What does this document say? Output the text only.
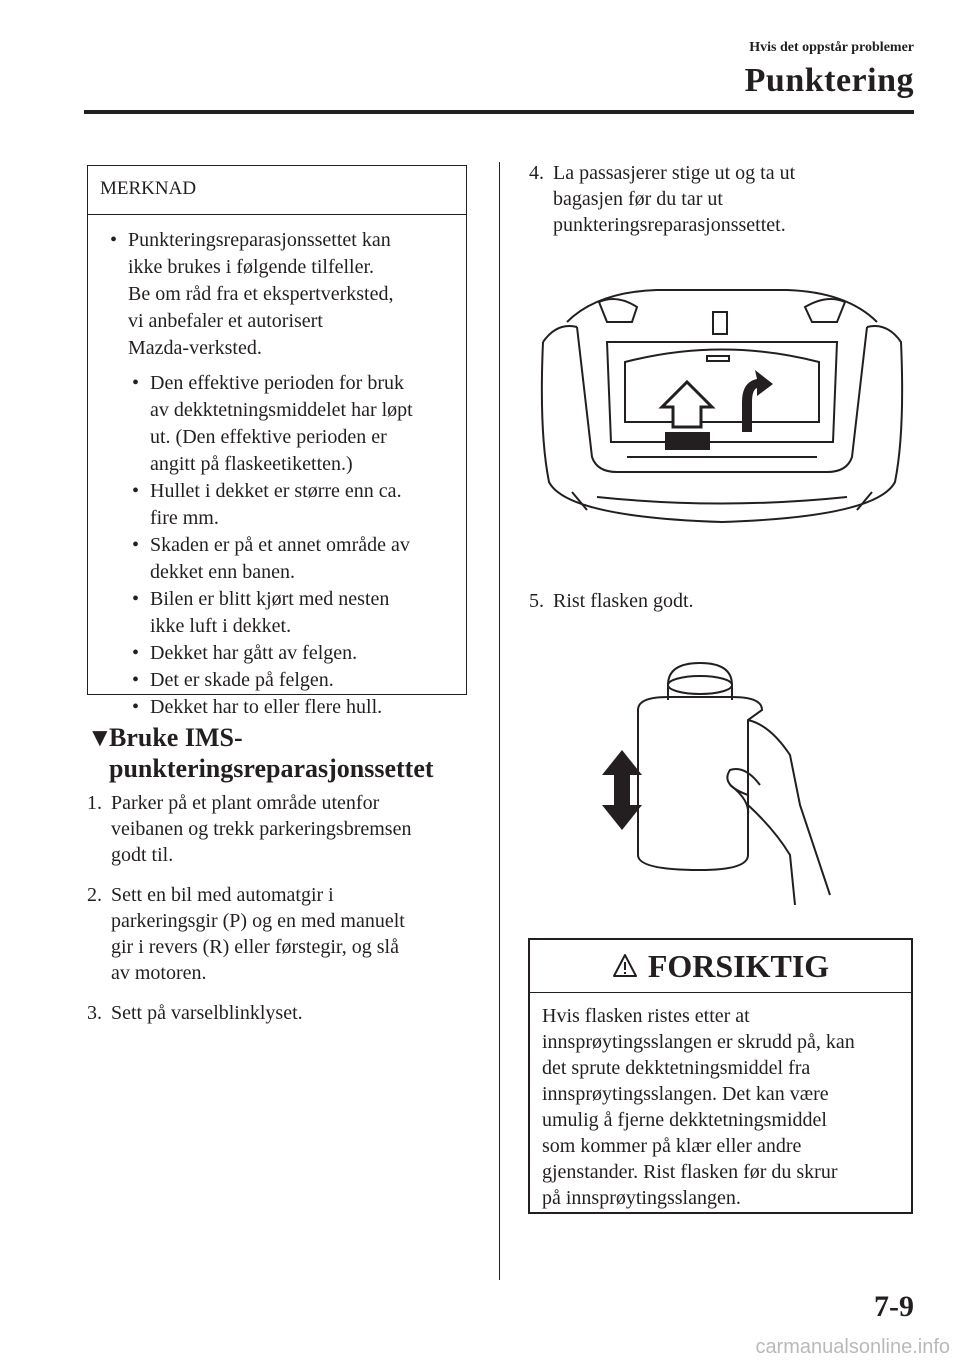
Hvis det oppstår problemer
Punktering
MERKNAD
• Punkteringsreparasjonssettet kan
ikke brukes i følgende tilfeller.
Be om råd fra et ekspertverksted,
vi anbefaler et autorisert
Mazda-verksted.
• Den effektive perioden for bruk
av dekktetningsmiddelet har løpt
ut. (Den effektive perioden er
angitt på flaskeetiketten.)
• Hullet i dekket er større enn ca.
fire mm.
• Skaden er på et annet område av
dekket enn banen.
• Bilen er blitt kjørt med nesten
ikke luft i dekket.
• Dekket har gått av felgen.
• Det er skade på felgen.
• Dekket har to eller flere hull.
▼Bruke IMS-
punkteringsreparasjonssettet
1. Parker på et plant område utenfor
veibanen og trekk parkeringsbremsen
godt til.
2. Sett en bil med automatgir i
parkeringsgir (P) og en med manuelt
gir i revers (R) eller førstegir, og slå
av motoren.
3. Sett på varselblinklyset.
4. La passasjerer stige ut og ta ut
bagasjen før du tar ut
punkteringsreparasjonssettet.
5. Rist flasken godt.
FORSIKTIG
Hvis flasken ristes etter at
innsprøytingsslangen er skrudd på, kan
det sprute dekktetningsmiddel fra
innsprøytingsslangen. Det kan være
umulig å fjerne dekktetningsmiddel
som kommer på klær eller andre
gjenstander. Rist flasken før du skrur
på innsprøytingsslangen.
7-9
carmanualsonline.info
